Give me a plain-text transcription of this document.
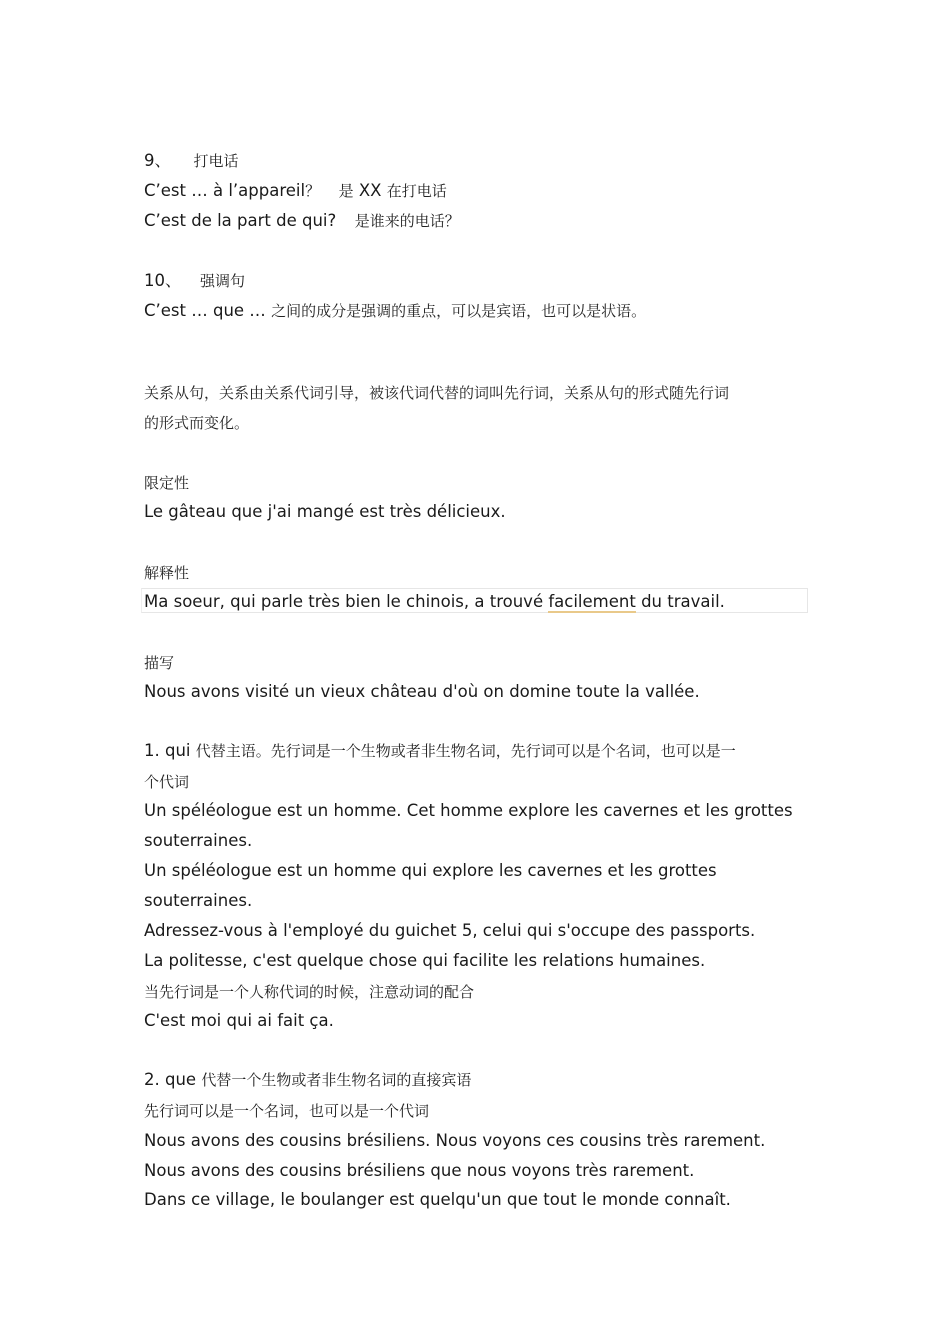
9、 打电话
C’est … à l’appareil？ 是 XX 在打电话
C’est de la part de qui? 是谁来的电话？
10、 强调句
C’est … que … 之间的成分是强调的重点，可以是宾语，也可以是状语。
关系从句，关系由关系代词引导，被该代词代替的词叫先行词，关系从句的形式随先行词
的形式而变化。
限定性
Le gâteau que j'ai mangé est très délicieux.
解释性
Ma soeur, qui parle très bien le chinois, a trouvé facilement du travail.
描写
Nous avons visité un vieux château d'où on domine toute la vallée.
1. qui 代替主语。先行词是一个生物或者非生物名词，先行词可以是个名词，也可以是一
个代词
Un spéléologue est un homme. Cet homme explore les cavernes et les grottes
souterraines.
Un spéléologue est un homme qui explore les cavernes et les grottes
souterraines.
Adressez-vous à l'employé du guichet 5, celui qui s'occupe des passports.
La politesse, c'est quelque chose qui facilite les relations humaines.
当先行词是一个人称代词的时候，注意动词的配合
C'est moi qui ai fait ça.
2. que 代替一个生物或者非生物名词的直接宾语
先行词可以是一个名词，也可以是一个代词
Nous avons des cousins brésiliens. Nous voyons ces cousins très rarement.
Nous avons des cousins brésiliens que nous voyons très rarement.
Dans ce village, le boulanger est quelqu'un que tout le monde connaît.
